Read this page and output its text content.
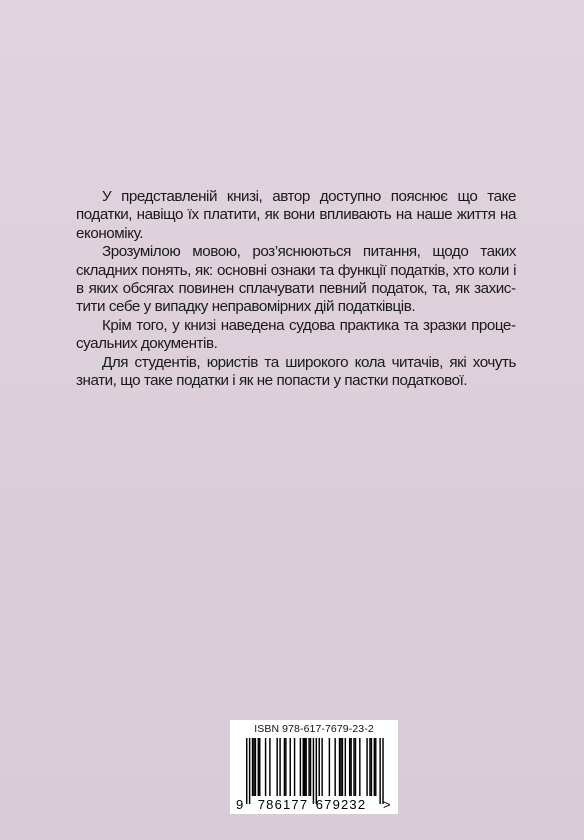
У представленій книзі, автор доступно пояснює що таке податки, навіщо їх платити, як вони впливають на наше життя на економіку.

Зрозумілою мовою, роз’яснюються питання, щодо таких складних понять, як: основні ознаки та функції податків, хто коли і в яких обсягах повинен сплачувати певний податок, та, як захистити себе у випадку неправомірних дій податківців.

Крім того, у книзі наведена судова практика та зразки процесуальних документів.

Для студентів, юристів та широкого кола читачів, які хочуть знати, що таке податки і як не попасти у пастки податкової.

ISBN 978-617-7679-23-2
9 786177 679232 >
